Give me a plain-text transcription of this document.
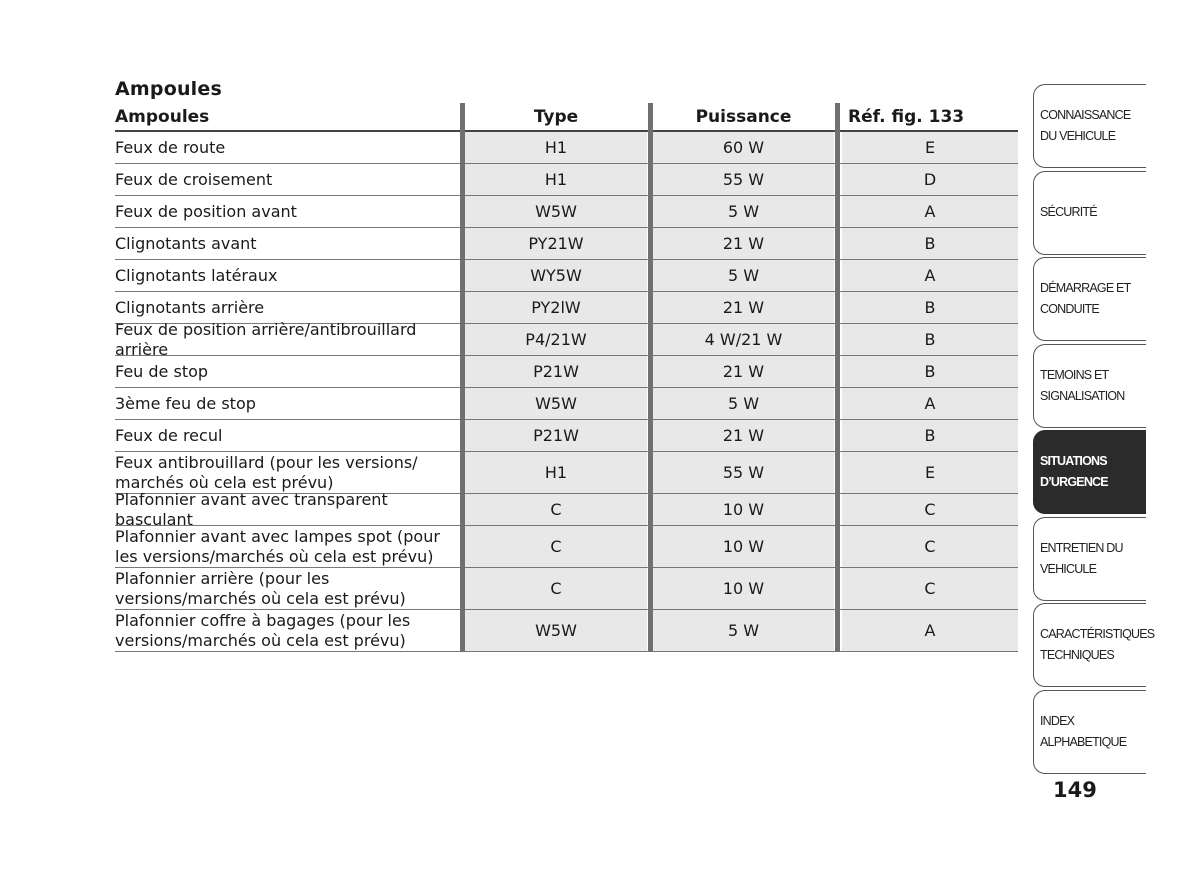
Ampoules
Ampoules	Type	Puissance	Réf. fig. 133
Feux de route	H1	60 W	E
Feux de croisement	H1	55 W	D
Feux de position avant	W5W	5 W	A
Clignotants avant	PY21W	21 W	B
Clignotants latéraux	WY5W	5 W	A
Clignotants arrière	PY2lW	21 W	B
Feux de position arrière/antibrouillard arrière	P4/21W	4 W/21 W	B
Feu de stop	P21W	21 W	B
3ème feu de stop	W5W	5 W	A
Feux de recul	P21W	21 W	B
Feux antibrouillard (pour les versions/ marchés où cela est prévu)	H1	55 W	E
Plafonnier avant avec transparent basculant	C	10 W	C
Plafonnier avant avec lampes spot (pour les versions/marchés où cela est prévu)	C	10 W	C
Plafonnier arrière (pour les versions/marchés où cela est prévu)	C	10 W	C
Plafonnier coffre à bagages (pour les versions/marchés où cela est prévu)	W5W	5 W	A
CONNAISSANCE DU VEHICULE
SÉCURITÉ
DÉMARRAGE ET CONDUITE
TEMOINS ET SIGNALISATION
SITUATIONS D’URGENCE
ENTRETIEN DU VEHICULE
CARACTÉRISTIQUES TECHNIQUES
INDEX ALPHABETIQUE
149
